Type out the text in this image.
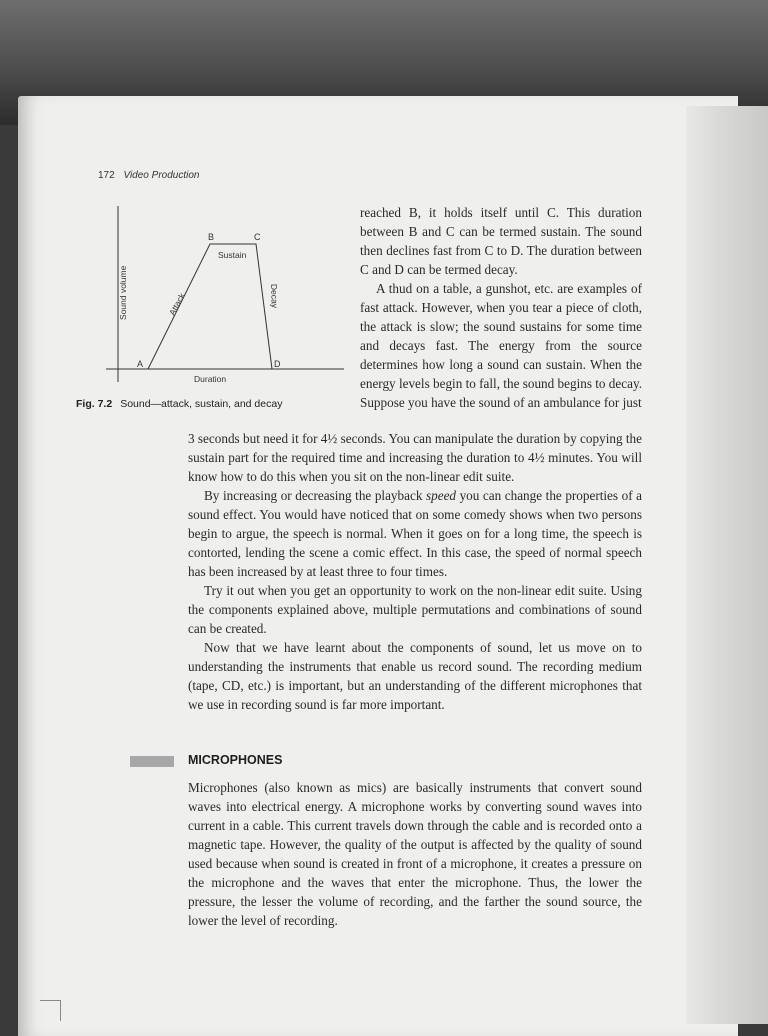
172 Video Production
B	C
A	D
Sustain
Attack	Decay
Duration
Sound volume
Fig. 7.2 Sound—attack, sustain, and decay

reached B, it holds itself until C. This duration between B and C can be termed sustain. The sound then declines fast from C to D. The duration between C and D can be termed decay.

A thud on a table, a gunshot, etc. are examples of fast attack. However, when you tear a piece of cloth, the attack is slow; the sound sustains for some time and decays fast. The energy from the source determines how long a sound can sustain. When the energy levels begin to fall, the sound begins to decay. Suppose you have the sound of an ambulance for just

3 seconds but need it for 4½ seconds. You can manipulate the duration by copying the sustain part for the required time and increasing the duration to 4½ minutes. You will know how to do this when you sit on the non-linear edit suite.

By increasing or decreasing the playback speed you can change the properties of a sound effect. You would have noticed that on some comedy shows when two persons begin to argue, the speech is normal. When it goes on for a long time, the speech is contorted, lending the scene a comic effect. In this case, the speed of normal speech has been increased by at least three to four times.

Try it out when you get an opportunity to work on the non-linear edit suite. Using the components explained above, multiple permutations and combinations of sound can be created.

Now that we have learnt about the components of sound, let us move on to understanding the instruments that enable us record sound. The recording medium (tape, CD, etc.) is important, but an understanding of the different microphones that we use in recording sound is far more important.

MICROPHONES

Microphones (also known as mics) are basically instruments that convert sound waves into electrical energy. A microphone works by converting sound waves into current in a cable. This current travels down through the cable and is recorded onto a magnetic tape. However, the quality of the output is affected by the quality of sound used because when sound is created in front of a microphone, it creates a pressure on the microphone and the waves that enter the microphone. Thus, the lower the pressure, the lesser the volume of recording, and the farther the sound source, the lower the level of recording.
